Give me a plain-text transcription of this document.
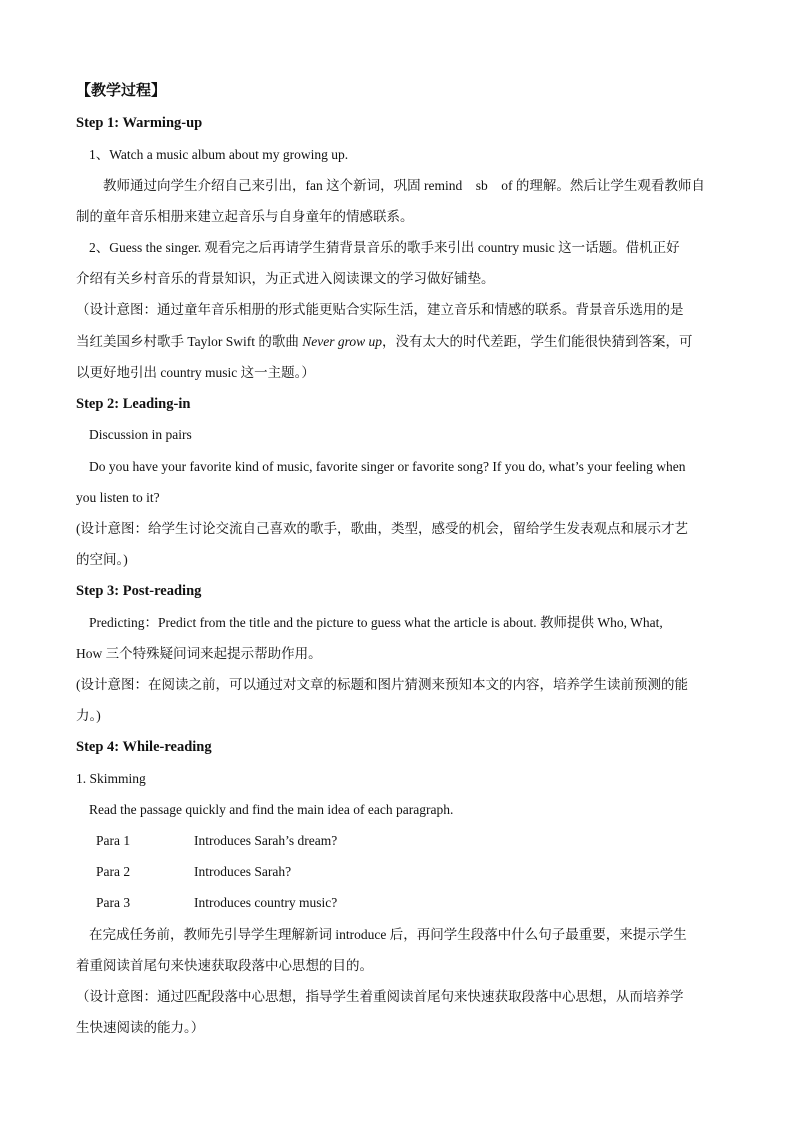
【教学过程】
Step 1: Warming-up
1、Watch a music album about my growing up.
教师通过向学生介绍自己来引出，fan 这个新词，巩固 remind　sb　of 的理解。然后让学生观看教师自
制的童年音乐相册来建立起音乐与自身童年的情感联系。
2、Guess the singer. 观看完之后再请学生猜背景音乐的歌手来引出 country music 这一话题。借机正好
介绍有关乡村音乐的背景知识，为正式进入阅读课文的学习做好铺垫。
（设计意图：通过童年音乐相册的形式能更贴合实际生活，建立音乐和情感的联系。背景音乐选用的是
当红美国乡村歌手 Taylor Swift 的歌曲 Never grow up，没有太大的时代差距，学生们能很快猜到答案，可
以更好地引出 country music 这一主题。）
Step 2: Leading-in
Discussion in pairs
Do you have your favorite kind of music, favorite singer or favorite song? If you do, what’s your feeling when
you listen to it?
(设计意图：给学生讨论交流自己喜欢的歌手，歌曲，类型，感受的机会，留给学生发表观点和展示才艺
的空间。)
Step 3: Post-reading
Predicting：Predict from the title and the picture to guess what the article is about. 教师提供 Who, What,
How 三个特殊疑问词来起提示帮助作用。
(设计意图：在阅读之前，可以通过对文章的标题和图片猜测来预知本文的内容，培养学生读前预测的能
力。)
Step 4: While-reading
1. Skimming
Read the passage quickly and find the main idea of each paragraph.
Para 1	Introduces Sarah’s dream?
Para 2	Introduces Sarah?
Para 3	Introduces country music?
在完成任务前，教师先引导学生理解新词 introduce 后，再问学生段落中什么句子最重要，来提示学生
着重阅读首尾句来快速获取段落中心思想的目的。
（设计意图：通过匹配段落中心思想，指导学生着重阅读首尾句来快速获取段落中心思想，从而培养学
生快速阅读的能力。）
